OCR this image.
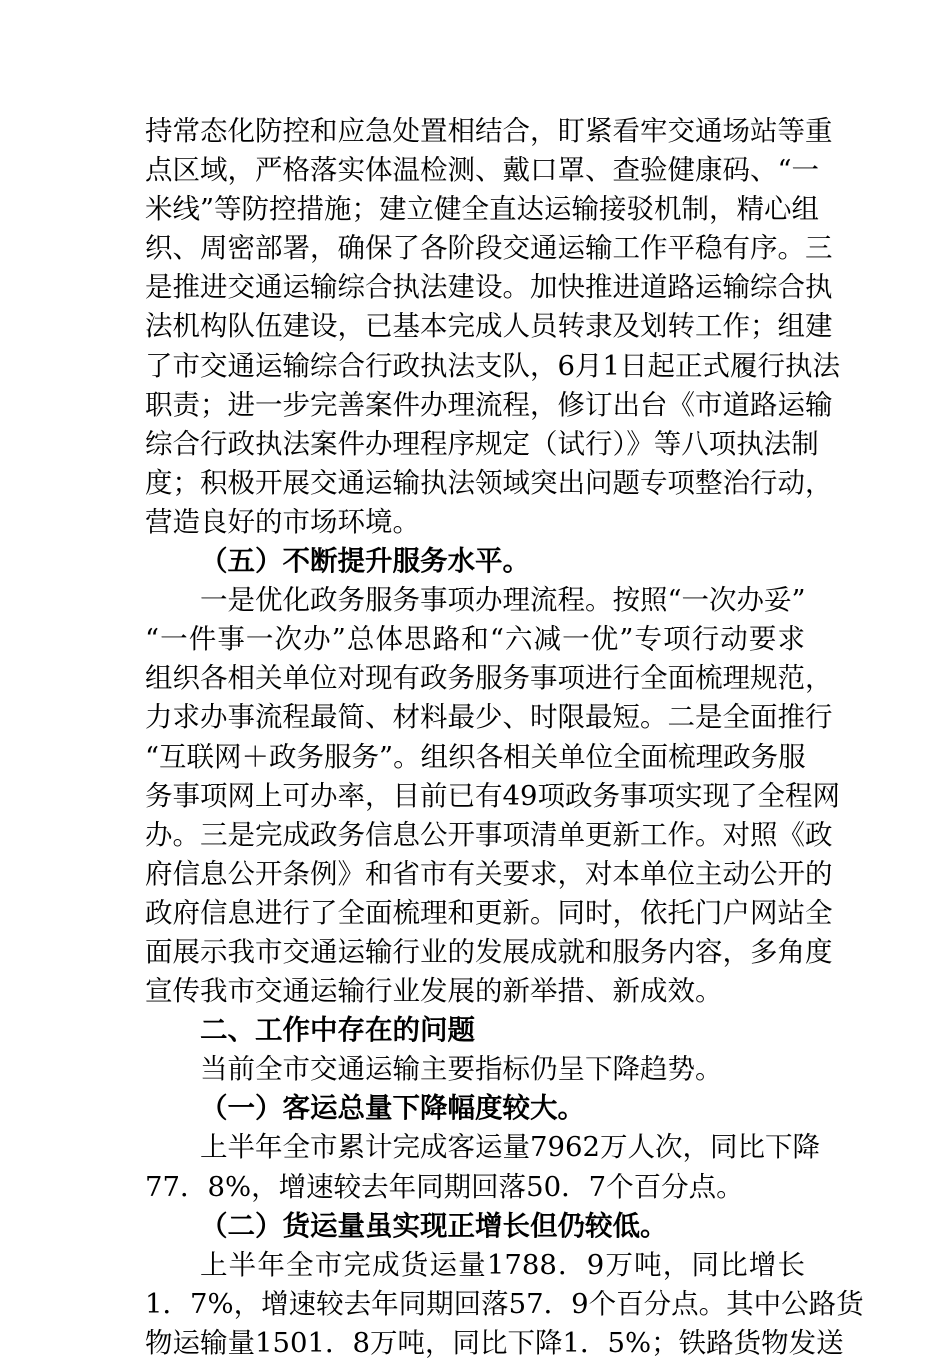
持常态化防控和应急处置相结合，盯紧看牢交通场站等重
点区域，严格落实体温检测、戴口罩、查验健康码、“一
米线”等防控措施；建立健全直达运输接驳机制，精心组
织、周密部署，确保了各阶段交通运输工作平稳有序。三
是推进交通运输综合执法建设。加快推进道路运输综合执
法机构队伍建设，已基本完成人员转隶及划转工作；组建
了市交通运输综合行政执法支队，6月1日起正式履行执法
职责；进一步完善案件办理流程，修订出台《市道路运输
综合行政执法案件办理程序规定（试行）》等八项执法制
度；积极开展交通运输执法领域突出问题专项整治行动，
营造良好的市场环境。
（五）不断提升服务水平。
一是优化政务服务事项办理流程。按照“一次办妥”
“一件事一次办”总体思路和“六减一优”专项行动要求
组织各相关单位对现有政务服务事项进行全面梳理规范，
力求办事流程最简、材料最少、时限最短。二是全面推行
“互联网＋政务服务”。组织各相关单位全面梳理政务服
务事项网上可办率，目前已有49项政务事项实现了全程网
办。三是完成政务信息公开事项清单更新工作。对照《政
府信息公开条例》和省市有关要求，对本单位主动公开的
政府信息进行了全面梳理和更新。同时，依托门户网站全
面展示我市交通运输行业的发展成就和服务内容，多角度
宣传我市交通运输行业发展的新举措、新成效。
二、工作中存在的问题
当前全市交通运输主要指标仍呈下降趋势。
（一）客运总量下降幅度较大。
上半年全市累计完成客运量7962万人次，同比下降
77．8%，增速较去年同期回落50．7个百分点。
（二）货运量虽实现正增长但仍较低。
上半年全市完成货运量1788．9万吨，同比增长
1．7%，增速较去年同期回落57．9个百分点。其中公路货
物运输量1501．8万吨，同比下降1．5%；铁路货物发送
